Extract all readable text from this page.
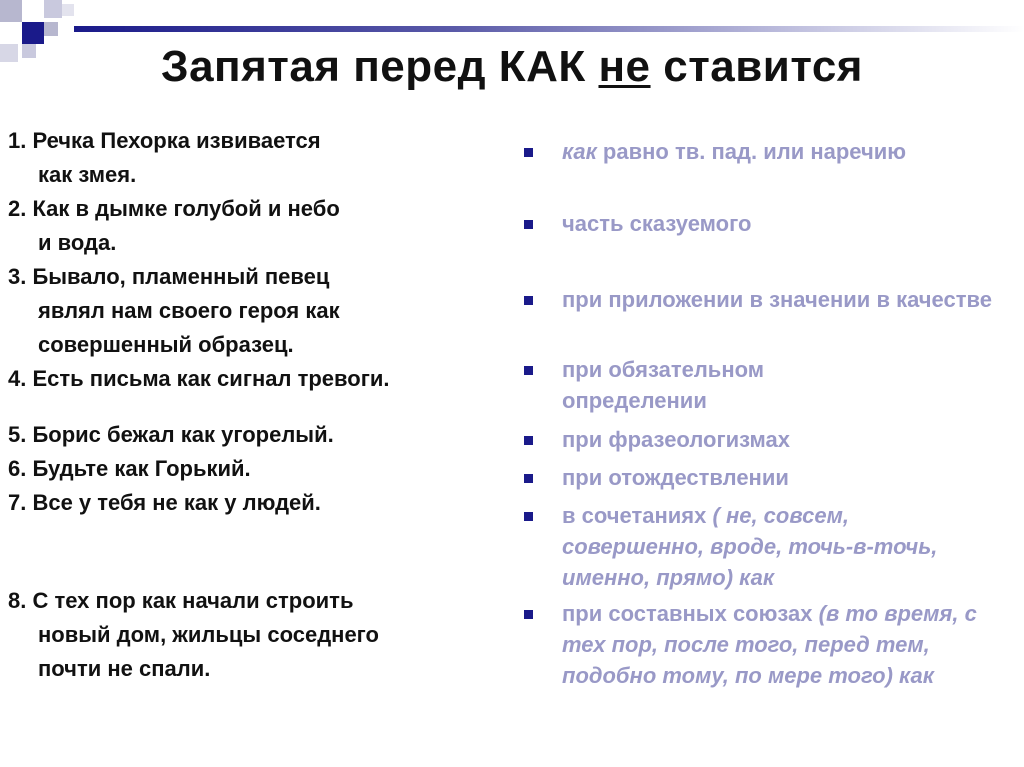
Запятая перед КАК не ставится
1. Речка Пехорка извивается
как змея.
2. Как в дымке голубой и небо
и вода.
3. Бывало, пламенный певец
являл нам своего героя как
совершенный образец.
4. Есть письма как сигнал тревоги.
5. Борис бежал как угорелый.
6. Будьте как Горький.
7. Все у тебя не как у людей.
8. С тех пор как начали строить
новый дом, жильцы соседнего
почти не спали.
как равно тв. пад. или наречию
часть сказуемого
при приложении в значении в качестве
при обязательном определении
при фразеологизмах
при отождествлении
в сочетаниях ( не, совсем, совершенно, вроде, точь-в-точь, именно, прямо) как
при составных союзах (в то время, с тех пор, после того, перед тем, подобно тому, по мере того) как
